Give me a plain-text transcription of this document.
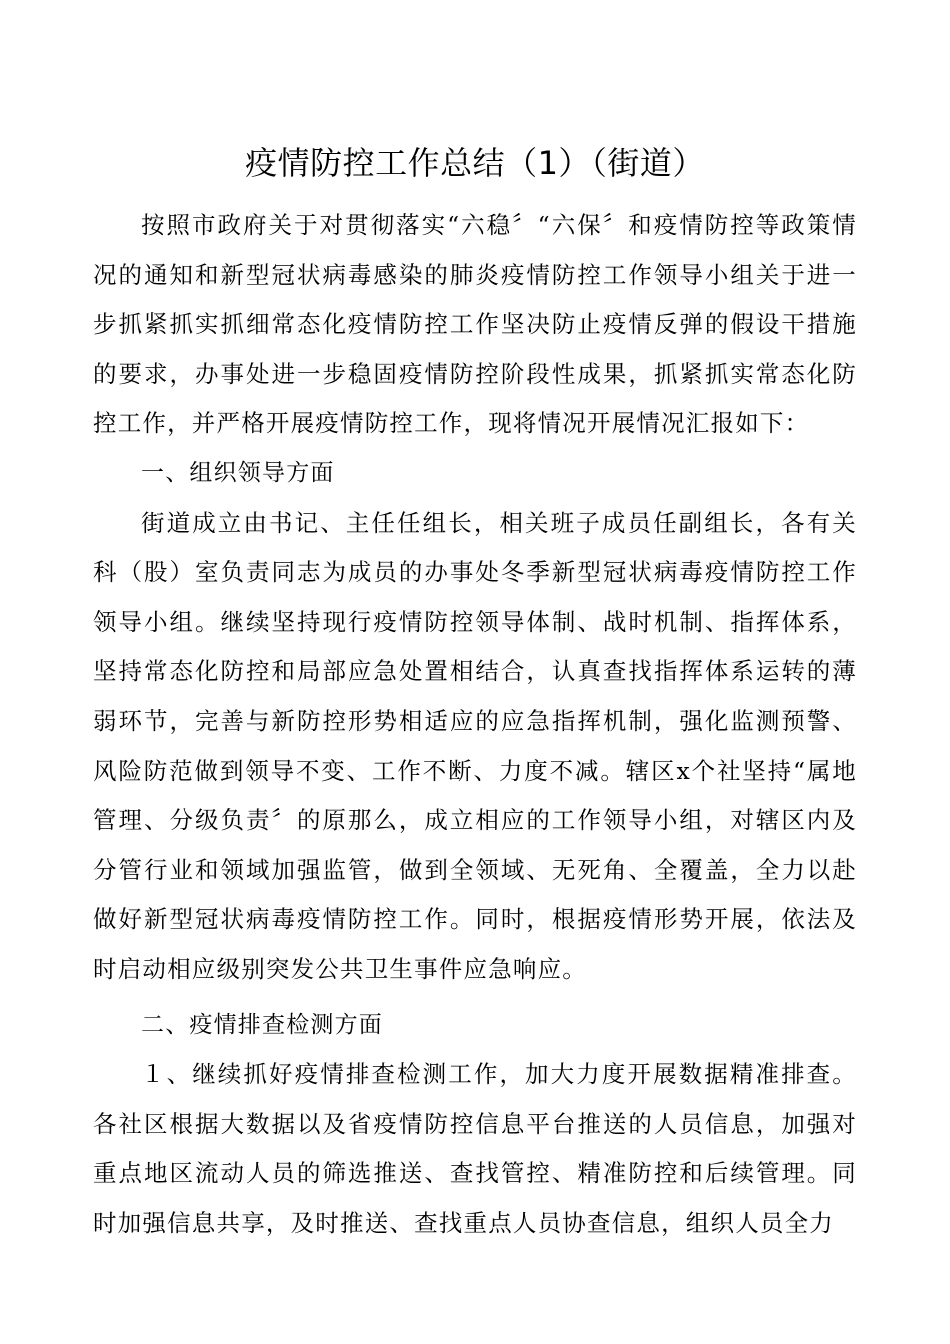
疫情防控工作总结（1）（街道）

按照市政府关于对贯彻落实“六稳〞“六保〞和疫情防控等政策情况的通知和新型冠状病毒感染的肺炎疫情防控工作领导小组关于进一步抓紧抓实抓细常态化疫情防控工作坚决防止疫情反弹的假设干措施的要求，办事处进一步稳固疫情防控阶段性成果，抓紧抓实常态化防控工作，并严格开展疫情防控工作，现将情况开展情况汇报如下：

一、组织领导方面

街道成立由书记、主任任组长，相关班子成员任副组长，各有关科（股）室负责同志为成员的办事处冬季新型冠状病毒疫情防控工作领导小组。继续坚持现行疫情防控领导体制、战时机制、指挥体系，坚持常态化防控和局部应急处置相结合，认真查找指挥体系运转的薄弱环节，完善与新防控形势相适应的应急指挥机制，强化监测预警、风险防范做到领导不变、工作不断、力度不减。辖区x个社坚持“属地管理、分级负责〞的原那么，成立相应的工作领导小组，对辖区内及分管行业和领域加强监管，做到全领域、无死角、全覆盖，全力以赴做好新型冠状病毒疫情防控工作。同时，根据疫情形势开展，依法及时启动相应级别突发公共卫生事件应急响应。

二、疫情排查检测方面

１、继续抓好疫情排查检测工作，加大力度开展数据精准排查。各社区根据大数据以及省疫情防控信息平台推送的人员信息，加强对重点地区流动人员的筛选推送、查找管控、精准防控和后续管理。同时加强信息共享，及时推送、查找重点人员协查信息，组织人员全力
